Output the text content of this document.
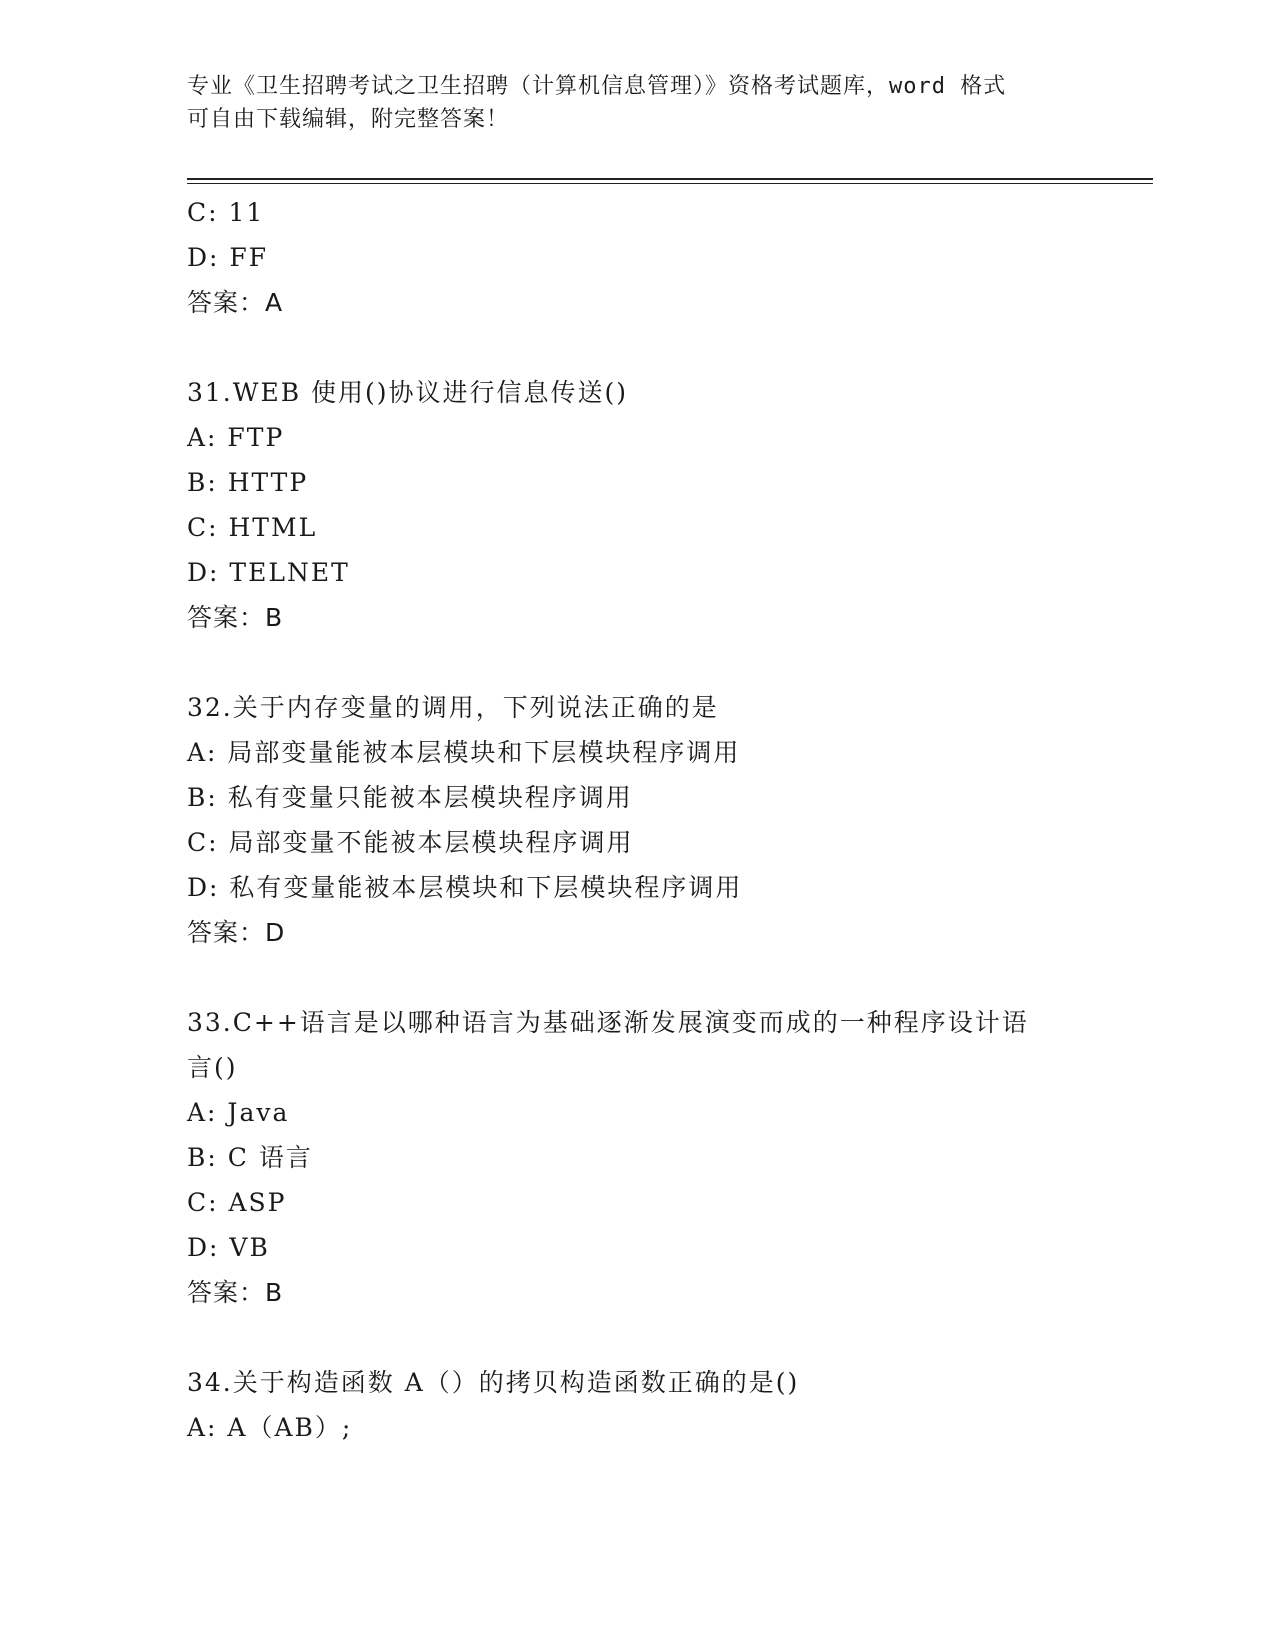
专业《卫生招聘考试之卫生招聘（计算机信息管理）》资格考试题库，word 格式
可自由下载编辑，附完整答案！
C: 11
D: FF
答案：A
31.WEB 使用()协议进行信息传送()
A: FTP
B: HTTP
C: HTML
D: TELNET
答案：B
32.关于内存变量的调用，下列说法正确的是
A: 局部变量能被本层模块和下层模块程序调用
B: 私有变量只能被本层模块程序调用
C: 局部变量不能被本层模块程序调用
D: 私有变量能被本层模块和下层模块程序调用
答案：D
33.C++语言是以哪种语言为基础逐渐发展演变而成的一种程序设计语
言()
A: Java
B: C 语言
C: ASP
D: VB
答案：B
34.关于构造函数 A（）的拷贝构造函数正确的是()
A: A（AB）;
